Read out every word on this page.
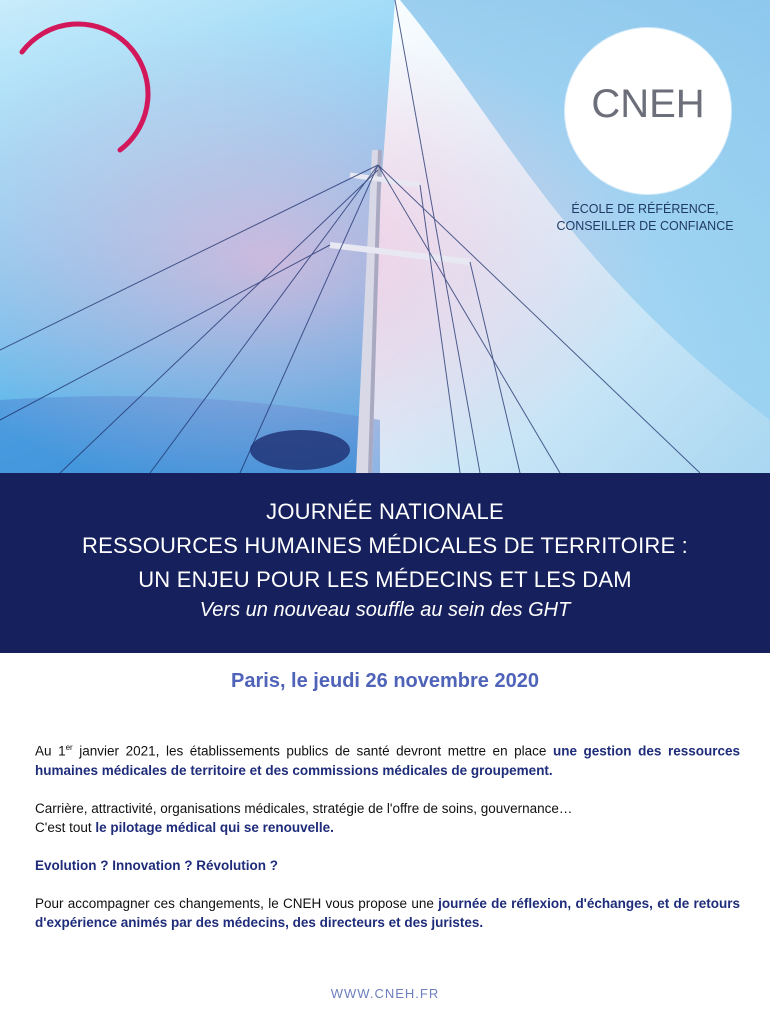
CNEH
ÉCOLE DE RÉFÉRENCE,
CONSEILLER DE CONFIANCE
JOURNÉE NATIONALE
RESSOURCES HUMAINES MÉDICALES DE TERRITOIRE :
UN ENJEU POUR LES MÉDECINS ET LES DAM
Vers un nouveau souffle au sein des GHT
Paris, le jeudi 26 novembre 2020

Au 1er janvier 2021, les établissements publics de santé devront mettre en place une gestion des ressources humaines médicales de territoire et des commissions médicales de groupement.

Carrière, attractivité, organisations médicales, stratégie de l'offre de soins, gouvernance…
C'est tout le pilotage médical qui se renouvelle.

Evolution ? Innovation ? Révolution ?

Pour accompagner ces changements, le CNEH vous propose une journée de réflexion, d'échanges, et de retours d'expérience animés par des médecins, des directeurs et des juristes.

WWW.CNEH.FR
